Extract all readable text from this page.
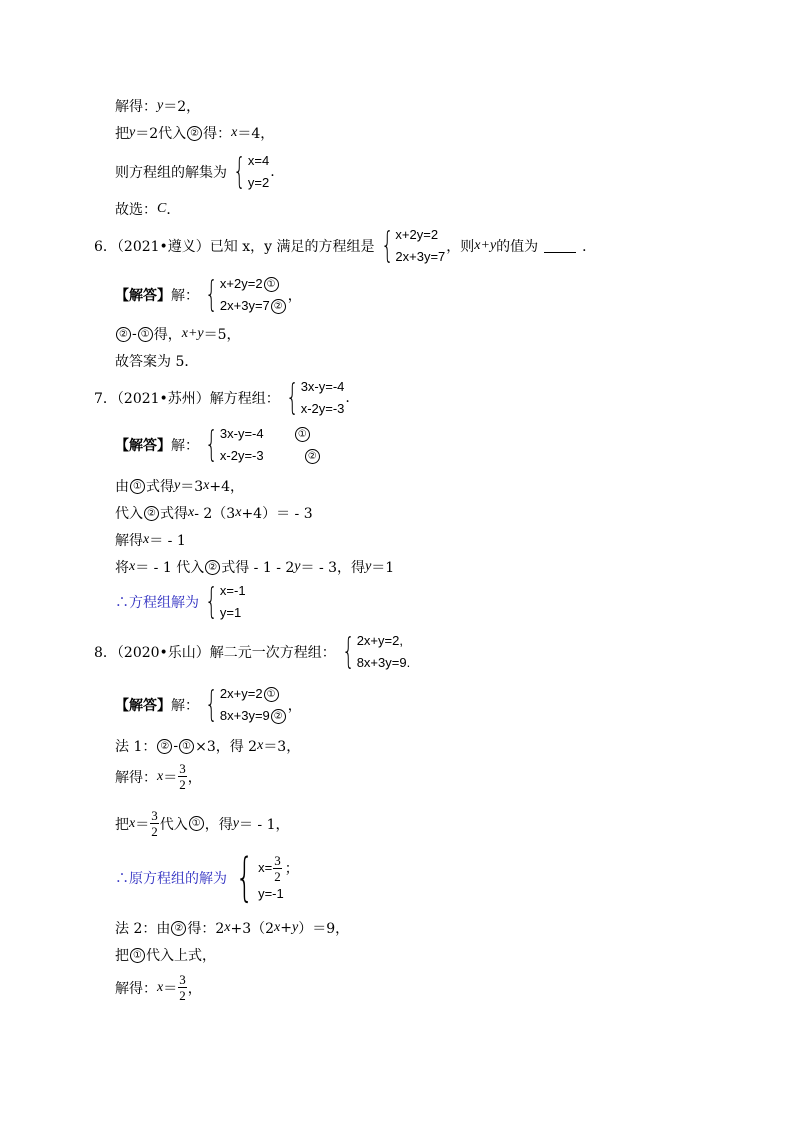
解得： y ＝2，
把 y ＝2代入 ② 得： x ＝4，
则方程组的解集为 { x=4
y=2
.
故选： C ．
6．（2021•遵义）已知 x，y 满足的方程组是 { x+2y=2
2x+3y=7
，则 x+y 的值为	．
【解答】 解： { x+2y=2 ①
2x+3y=7 ②
，
② - ① 得， x+y ＝5，
故答案为 5．
7．（2021•苏州）解方程组： { 3x-y=-4
x-2y=-3
.
【解答】 解： { 3x-y=-4	①
x-2y=-3	②
由 ① 式得 y ＝3 x +4，
代入 ② 式得 x - 2（3 x +4）＝ - 3
解得 x ＝ - 1
将 x ＝ - 1 代入 ② 式得 - 1 - 2 y ＝ - 3，得 y ＝1
∴方程组解为 { x=-1
y=1
8．（2020•乐山）解二元一次方程组： { 2x+y=2,
8x+3y=9.
【解答】 解： { 2x+y=2 ①
8x+3y=9 ②
，
法 1： ② - ① ×3，得 2 x ＝3，
解得： $x = \frac{3}{2}$ ，
把 $x = \frac{3}{2}$ 代入 ① ，得 y ＝ - 1，
∴原方程组的解为 { $x= \frac{3}{2}$
y=-1
；
法 2：由 ② 得：2 x +3（2 x + y ）＝9，
把 ① 代入上式，
解得： $x = \frac{3}{2}$ ，
